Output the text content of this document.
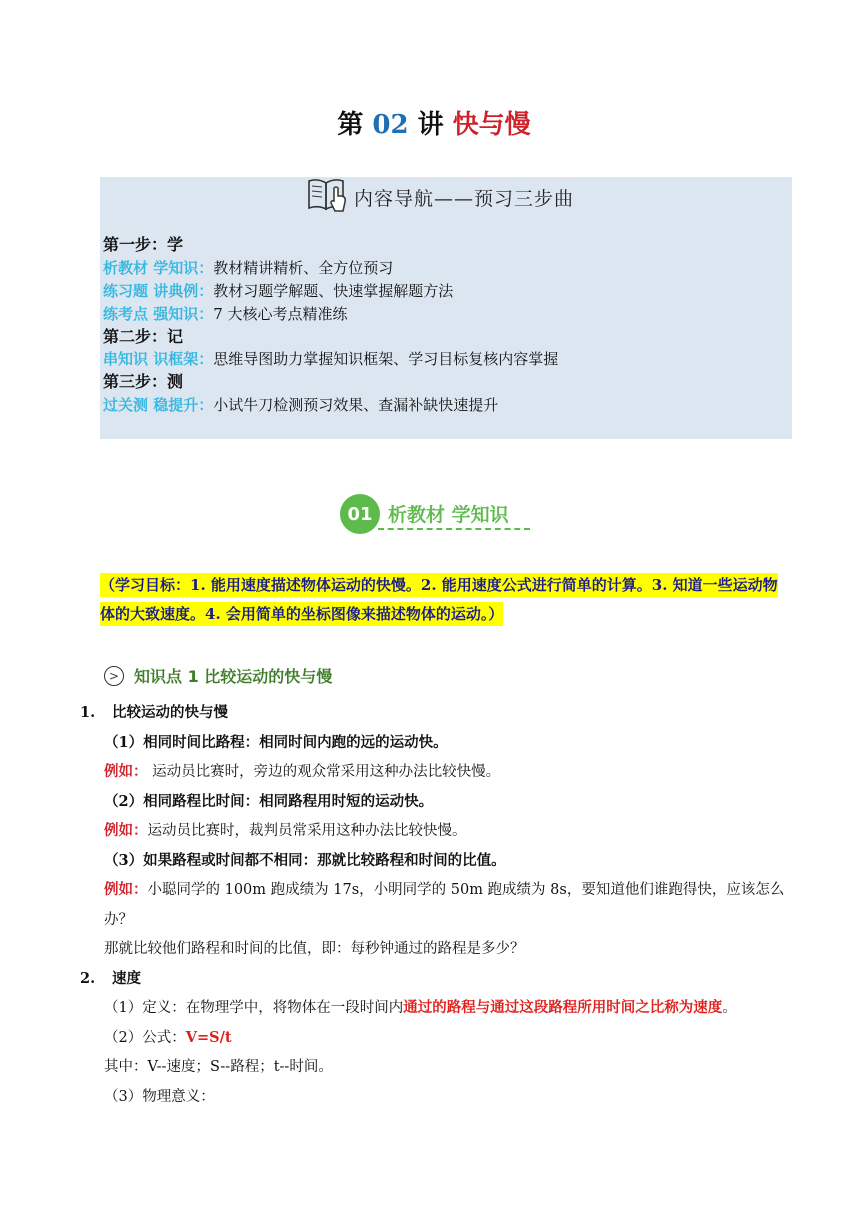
第 02 讲 快与慢
内容导航——预习三步曲
第一步：学
析教材 学知识：教材精讲精析、全方位预习
练习题 讲典例：教材习题学解题、快速掌握解题方法
练考点 强知识：7 大核心考点精准练
第二步：记
串知识 识框架：思维导图助力掌握知识框架、学习目标复核内容掌握
第三步：测
过关测 稳提升：小试牛刀检测预习效果、查漏补缺快速提升
01 析教材 学知识
（学习目标：1. 能用速度描述物体运动的快慢。2. 能用速度公式进行简单的计算。3. 知道一些运动物
体的大致速度。4. 会用简单的坐标图像来描述物体的运动。）
> 知识点 1 比较运动的快与慢
1. 比较运动的快与慢
（1）相同时间比路程：相同时间内跑的远的运动快。
例如： 运动员比赛时，旁边的观众常采用这种办法比较快慢。
（2）相同路程比时间：相同路程用时短的运动快。
例如：运动员比赛时，裁判员常采用这种办法比较快慢。
（3）如果路程或时间都不相同：那就比较路程和时间的比值。
例如：小聪同学的 100m 跑成绩为 17s，小明同学的 50m 跑成绩为 8s，要知道他们谁跑得快，应该怎么
办？
那就比较他们路程和时间的比值，即：每秒钟通过的路程是多少？
2. 速度
（1）定义：在物理学中，将物体在一段时间内通过的路程与通过这段路程所用时间之比称为速度。
（2）公式：V=S/t
其中：V--速度；S--路程；t--时间。
（3）物理意义：
